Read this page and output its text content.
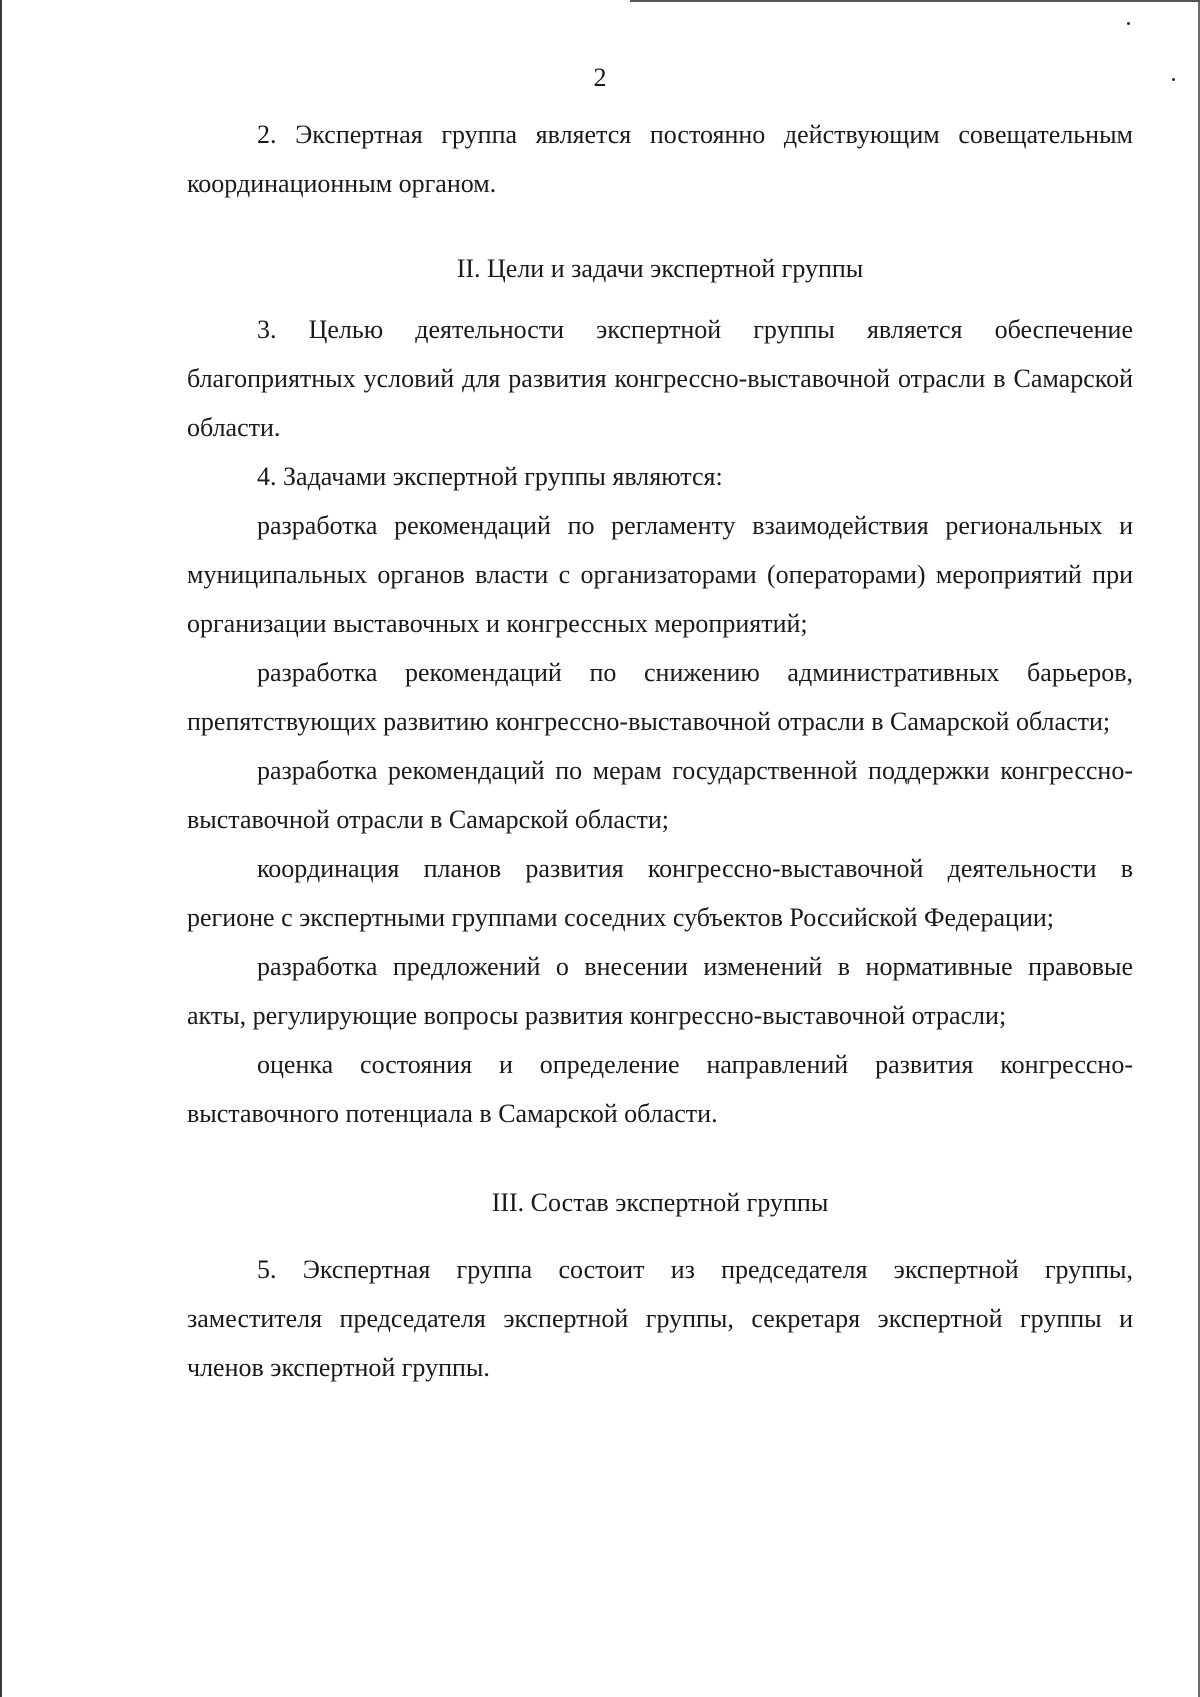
2

2. Экспертная группа является постоянно действующим совещательным координационным органом.

II. Цели и задачи экспертной группы

3. Целью деятельности экспертной группы является обеспечение благоприятных условий для развития конгрессно-выставочной отрасли в Самарской области.

4. Задачами экспертной группы являются:

разработка рекомендаций по регламенту взаимодействия региональных и муниципальных органов власти с организаторами (операторами) мероприятий при организации выставочных и конгрессных мероприятий;

разработка рекомендаций по снижению административных барьеров, препятствующих развитию конгрессно-выставочной отрасли в Самарской области;

разработка рекомендаций по мерам государственной поддержки конгрессно-выставочной отрасли в Самарской области;

координация планов развития конгрессно-выставочной деятельности в регионе с экспертными группами соседних субъектов Российской Федерации;

разработка предложений о внесении изменений в нормативные правовые акты, регулирующие вопросы развития конгрессно-выставочной отрасли;

оценка состояния и определение направлений развития конгрессно-выставочного потенциала в Самарской области.

III. Состав экспертной группы

5. Экспертная группа состоит из председателя экспертной группы, заместителя председателя экспертной группы, секретаря экспертной группы и членов экспертной группы.
